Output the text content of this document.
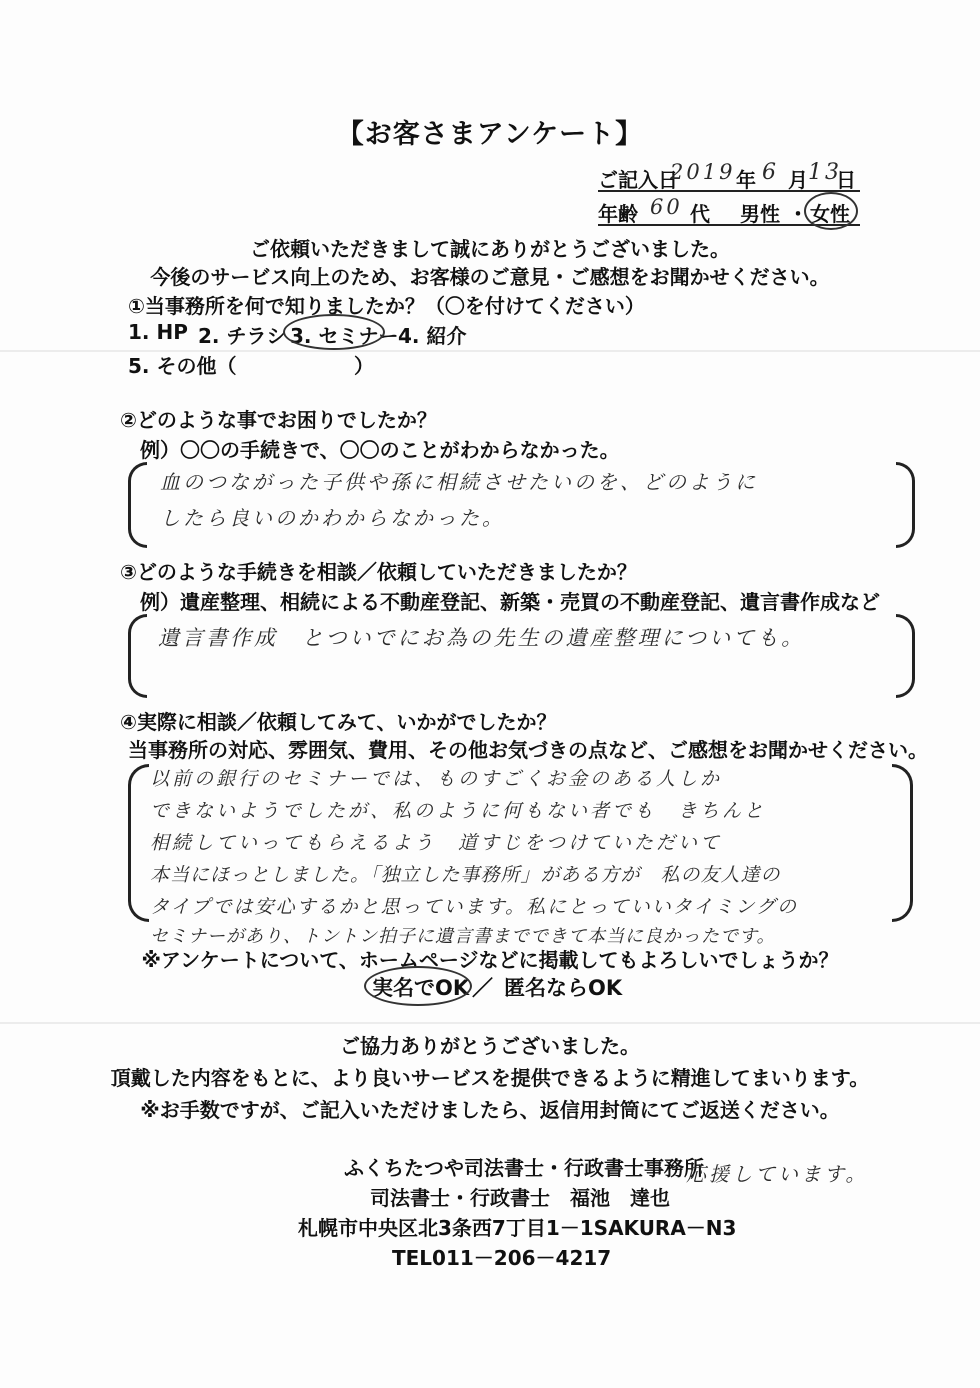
【お客さまアンケート】
ご記入日
2019 年 6 月 13
日
年齢 60 代 男性 ・ 女性
ご依頼いただきまして誠にありがとうございました。
今後のサービス向上のため、お客様のご意見・ご感想をお聞かせください。
①当事務所を何で知りましたか？（〇を付けてください）
1. HP 2. チラシ 3. セミナー 4. 紹介
5. その他（	）
②どのような事でお困りでしたか？
例）〇〇の手続きで、〇〇のことがわからなかった。
血のつながった子供や孫に相続させたいのを、どのように
したら良いのかわからなかった。
③どのような手続きを相談／依頼していただきましたか？
例）遺産整理、相続による不動産登記、新築・売買の不動産登記、遺言書作成など
遺言書作成　とついでにお為の先生の遺産整理についても。
④実際に相談／依頼してみて、いかがでしたか？
当事務所の対応、雰囲気、費用、その他お気づきの点など、ご感想をお聞かせください。
以前の銀行のセミナーでは、ものすごくお金のある人しか
できないようでしたが、私のように何もない者でも　きちんと
相続していってもらえるよう　道すじをつけていただいて
本当にほっとしました。「独立した事務所」がある方が　私の友人達の
タイプでは安心するかと思っています。私にとっていいタイミングの
セミナーがあり、トントン拍子に遺言書までできて本当に良かったです。
※アンケートについて、ホームページなどに掲載してもよろしいでしょうか？
実名でOK ／ 匿名ならOK
ご協力ありがとうございました。
頂戴した内容をもとに、より良いサービスを提供できるように精進してまいります。
※お手数ですが、ご記入いただけましたら、返信用封筒にてご返送ください。
ふくちたつや司法書士・行政書士事務所
司法書士・行政書士　福池　達也
札幌市中央区北3条西7丁目1－1SAKURA－N3
TEL011－206－4217
応援しています。
